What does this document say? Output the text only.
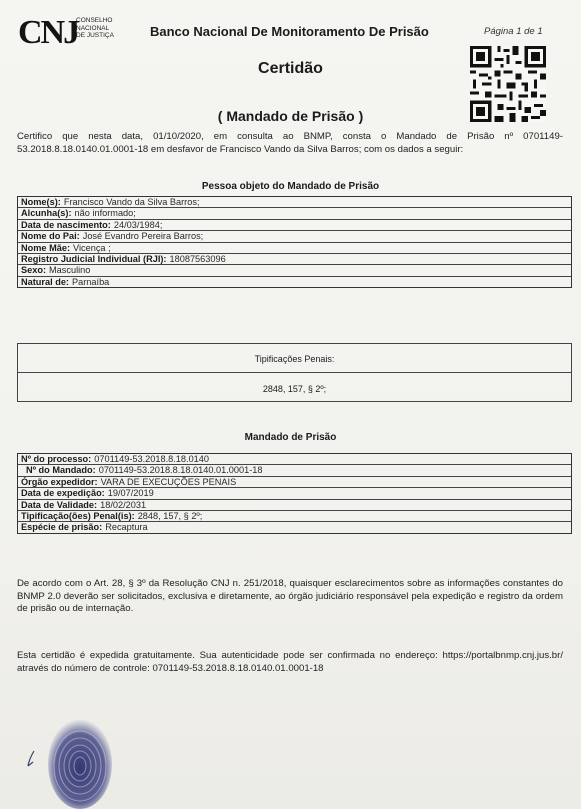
CNJ
CONSELHO
NACIONAL
DE JUSTIÇA	Banco Nacional De Monitoramento De Prisão	Página 1 de 1
Certidão
( Mandado de Prisão )
Certifico que nesta data, 01/10/2020, em consulta ao BNMP, consta o Mandado de Prisão nº 0701149-53.2018.8.18.0140.01.0001-18 em desfavor de Francisco Vando da Silva Barros; com os dados a seguir:
Pessoa objeto do Mandado de Prisão
Nome(s): Francisco Vando da Silva Barros;
Alcunha(s): não informado;
Data de nascimento: 24/03/1984;
Nome do Pai: José Evandro Pereira Barros;
Nome Mãe: Vicença ;
Registro Judicial Individual (RJI): 18087563096
Sexo: Masculino
Natural de: Parnaíba
Tipificações Penais:
2848, 157, § 2º;
Mandado de Prisão
Nº do processo: 0701149-53.2018.8.18.0140
Nº do Mandado: 0701149-53.2018.8.18.0140.01.0001-18
Órgão expedidor: VARA DE EXECUÇÕES PENAIS
Data de expedição: 19/07/2019
Data de Validade: 18/02/2031
Tipificação(ões) Penal(is): 2848, 157, § 2º;
Espécie de prisão: Recaptura
De acordo com o Art. 28, § 3º da Resolução CNJ n. 251/2018, quaisquer esclarecimentos sobre as informações constantes do BNMP 2.0 deverão ser solicitados, exclusiva e diretamente, ao órgão judiciário responsável pela expedição e registro da ordem de prisão ou de internação.
Esta certidão é expedida gratuitamente. Sua autenticidade pode ser confirmada no endereço: https://portalbnmp.cnj.jus.br/ através do número de controle: 0701149-53.2018.8.18.0140.01.0001-18
